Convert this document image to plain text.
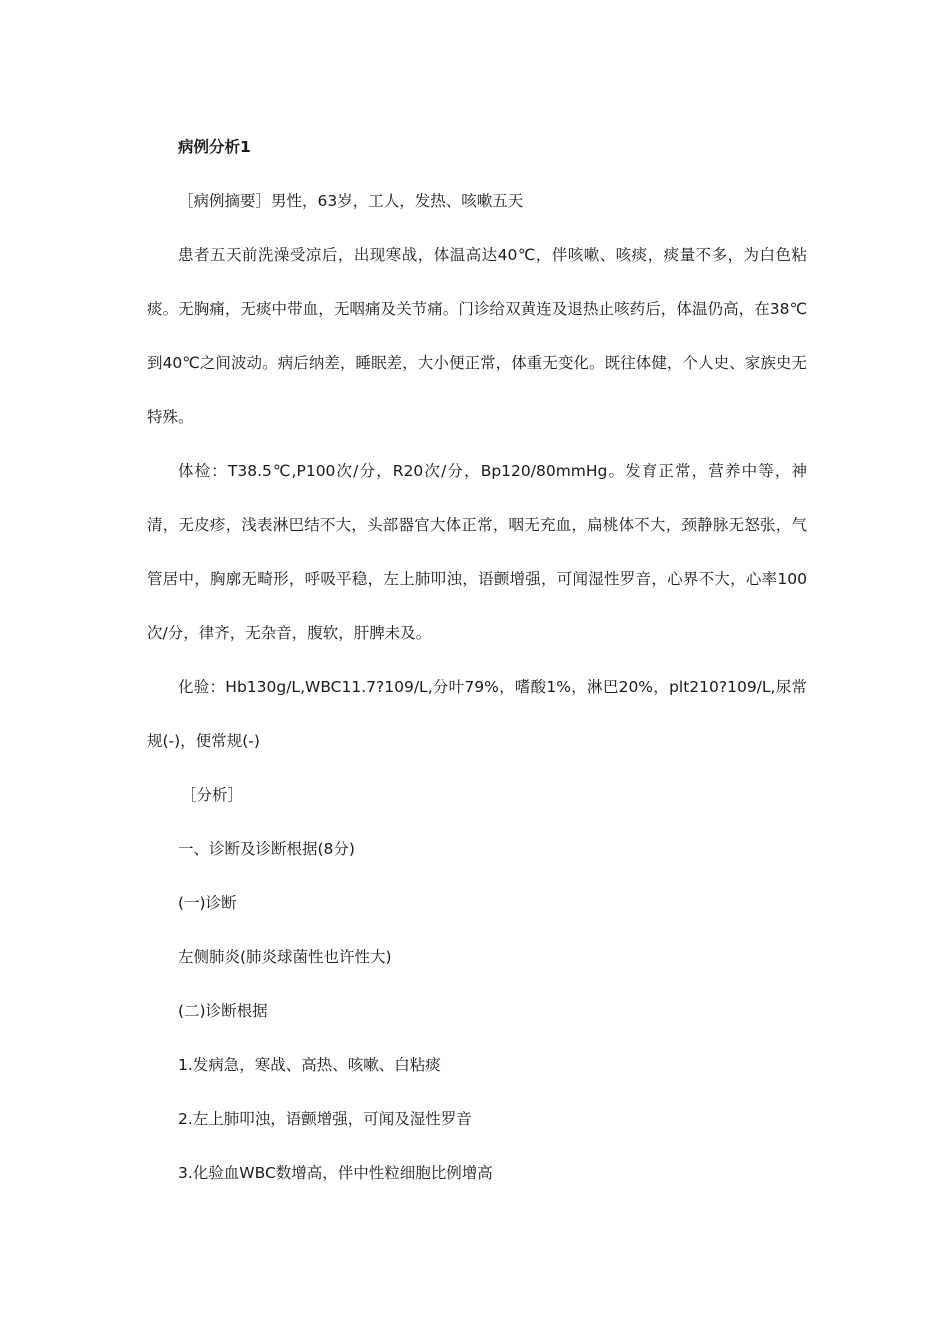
病例分析1

［病例摘要］男性，63岁，工人，发热、咳嗽五天

患者五天前洗澡受凉后，出现寒战，体温高达40℃，伴咳嗽、咳痰，痰量不多，为白色粘痰。无胸痛，无痰中带血，无咽痛及关节痛。门诊给双黄连及退热止咳药后，体温仍高，在38℃到40℃之间波动。病后纳差，睡眠差，大小便正常，体重无变化。既往体健，个人史、家族史无特殊。

体检：T38.5℃,P100次/分，R20次/分，Bp120/80mmHg。发育正常，营养中等，神清，无皮疹，浅表淋巴结不大，头部器官大体正常，咽无充血，扁桃体不大，颈静脉无怒张，气管居中，胸廓无畸形，呼吸平稳，左上肺叩浊，语颤增强，可闻湿性罗音，心界不大，心率100次/分，律齐，无杂音，腹软，肝脾未及。

化验：Hb130g/L,WBC11.7?109/L,分叶79%，嗜酸1%，淋巴20%，plt210?109/L,尿常规(-)，便常规(-)

［分析］

一、诊断及诊断根据(8分)

(一)诊断

左侧肺炎(肺炎球菌性也许性大)

(二)诊断根据

1.发病急，寒战、高热、咳嗽、白粘痰

2.左上肺叩浊，语颤增强，可闻及湿性罗音

3.化验血WBC数增高，伴中性粒细胞比例增高
